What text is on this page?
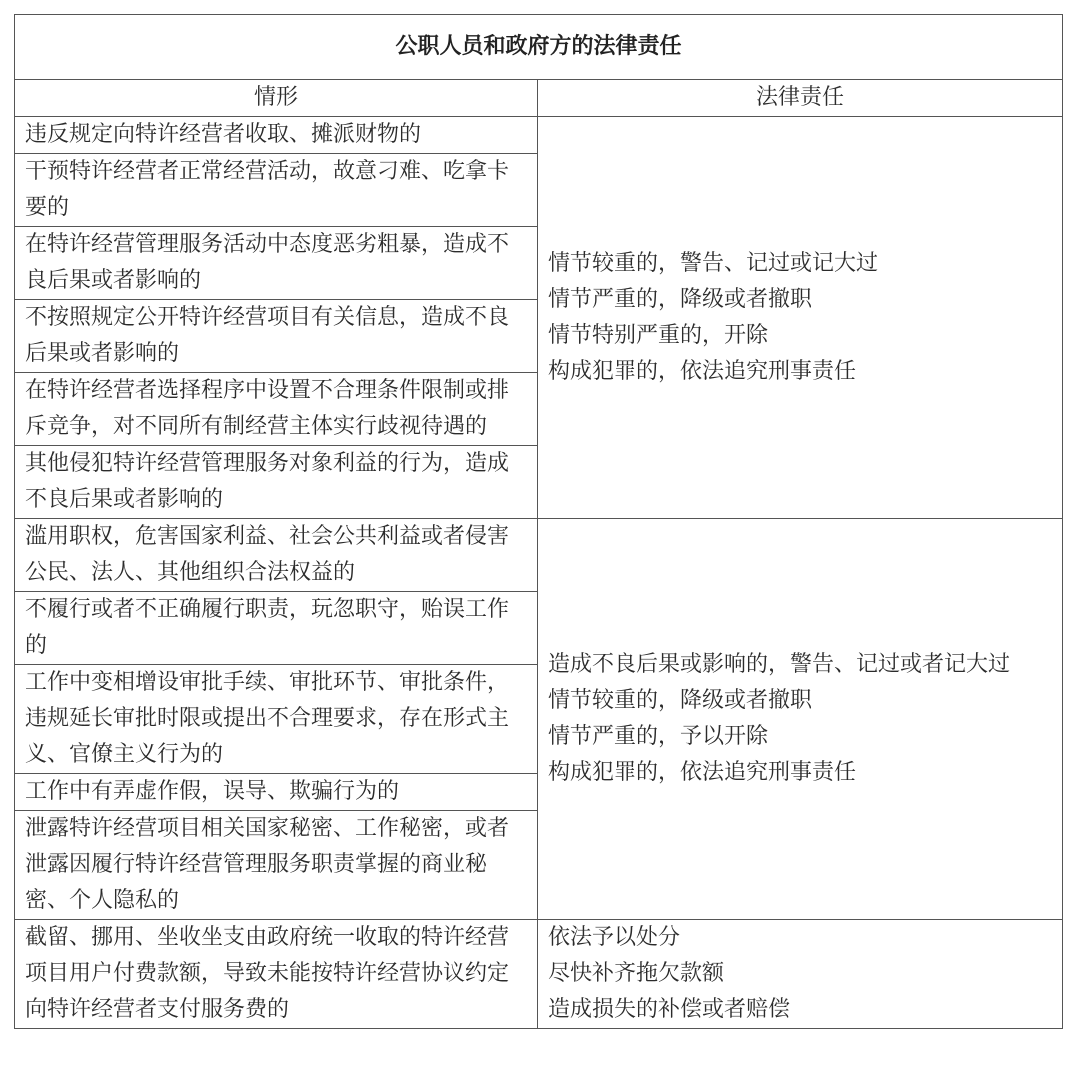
公职人员和政府方的法律责任	
情形	法律责任
违反规定向特许经营者收取、摊派财物的	情节较重的，警告、记过或记大过
情节严重的，降级或者撤职
情节特别严重的，开除
构成犯罪的，依法追究刑事责任

干预特许经营者正常经营活动，故意刁难、吃拿卡要的	
在特许经营管理服务活动中态度恶劣粗暴，造成不良后果或者影响的	
不按照规定公开特许经营项目有关信息，造成不良后果或者影响的	
在特许经营者选择程序中设置不合理条件限制或排斥竞争，对不同所有制经营主体实行歧视待遇的	
其他侵犯特许经营管理服务对象利益的行为，造成不良后果或者影响的	
滥用职权，危害国家利益、社会公共利益或者侵害公民、法人、其他组织合法权益的	造成不良后果或影响的，警告、记过或者记大过
情节较重的，降级或者撤职
情节严重的，予以开除
构成犯罪的，依法追究刑事责任

不履行或者不正确履行职责，玩忽职守，贻误工作的	
工作中变相增设审批手续、审批环节、审批条件，违规延长审批时限或提出不合理要求，存在形式主义、官僚主义行为的	
工作中有弄虚作假，误导、欺骗行为的	
泄露特许经营项目相关国家秘密、工作秘密，或者泄露因履行特许经营管理服务职责掌握的商业秘密、个人隐私的	
截留、挪用、坐收坐支由政府统一收取的特许经营项目用户付费款额，导致未能按特许经营协议约定向特许经营者支付服务费的	依法予以处分
尽快补齐拖欠款额
造成损失的补偿或者赔偿
